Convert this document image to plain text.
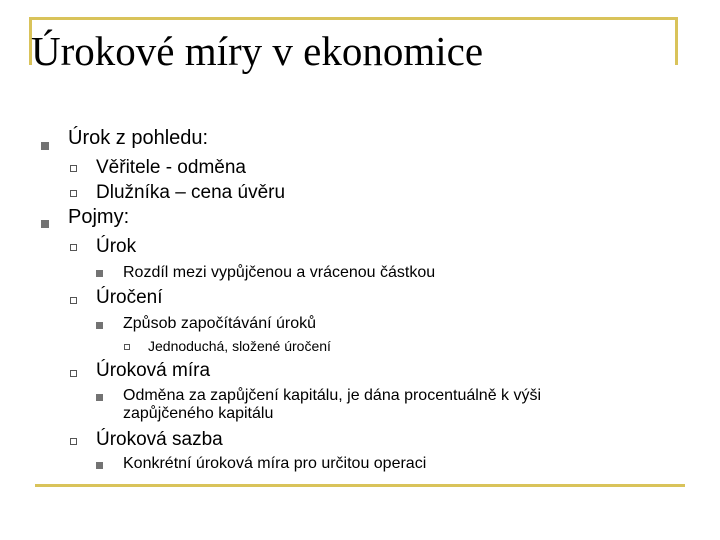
Úrokové míry v ekonomice
Úrok z pohledu:
Věřitele - odměna
Dlužníka – cena úvěru
Pojmy:
Úrok
Rozdíl mezi vypůjčenou a vrácenou částkou
Úročení
Způsob započítávání úroků
Jednoduchá, složené úročení
Úroková míra
Odměna za zapůjčení kapitálu, je dána procentuálně k výši
zapůjčeného kapitálu
Úroková sazba
Konkrétní úroková míra pro určitou operaci
